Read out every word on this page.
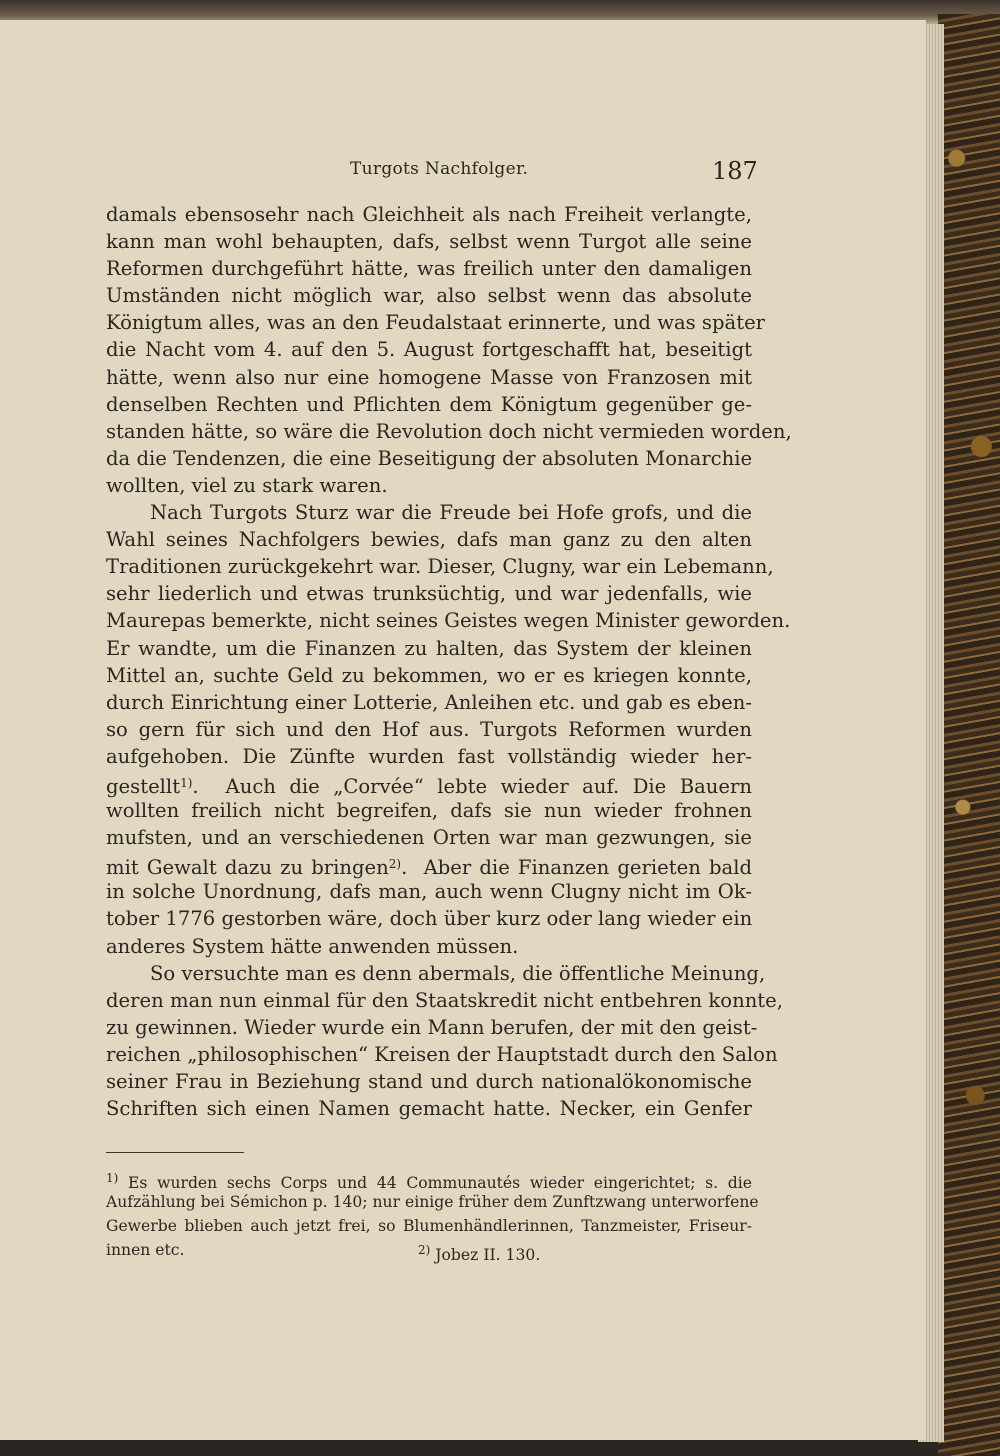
Turgots Nachfolger.	187
damals ebensosehr nach Gleichheit als nach Freiheit verlangte,
kann man wohl behaupten, dafs, selbst wenn Turgot alle seine
Reformen durchgeführt hätte, was freilich unter den damaligen
Umständen nicht möglich war, also selbst wenn das absolute
Königtum alles, was an den Feudalstaat erinnerte, und was später
die Nacht vom 4. auf den 5. August fortgeschafft hat, beseitigt
hätte, wenn also nur eine homogene Masse von Franzosen mit
denselben Rechten und Pflichten dem Königtum gegenüber ge-
standen hätte, so wäre die Revolution doch nicht vermieden worden,
da die Tendenzen, die eine Beseitigung der absoluten Monarchie
wollten, viel zu stark waren.
Nach Turgots Sturz war die Freude bei Hofe grofs, und die
Wahl seines Nachfolgers bewies, dafs man ganz zu den alten
Traditionen zurückgekehrt war. Dieser, Clugny, war ein Lebemann,
sehr liederlich und etwas trunksüchtig, und war jedenfalls, wie
Maurepas bemerkte, nicht seines Geistes wegen Minister geworden.
Er wandte, um die Finanzen zu halten, das System der kleinen
Mittel an, suchte Geld zu bekommen, wo er es kriegen konnte,
durch Einrichtung einer Lotterie, Anleihen etc. und gab es eben-
so gern für sich und den Hof aus. Turgots Reformen wurden
aufgehoben. Die Zünfte wurden fast vollständig wieder her-
gestellt$^{1)}$.  Auch die „Corvée“ lebte wieder auf. Die Bauern
wollten freilich nicht begreifen, dafs sie nun wieder frohnen
mufsten, und an verschiedenen Orten war man gezwungen, sie
mit Gewalt dazu zu bringen$^{2)}$.  Aber die Finanzen gerieten bald
in solche Unordnung, dafs man, auch wenn Clugny nicht im Ok-
tober 1776 gestorben wäre, doch über kurz oder lang wieder ein
anderes System hätte anwenden müssen.
So versuchte man es denn abermals, die öffentliche Meinung,
deren man nun einmal für den Staatskredit nicht entbehren konnte,
zu gewinnen. Wieder wurde ein Mann berufen, der mit den geist-
reichen „philosophischen“ Kreisen der Hauptstadt durch den Salon
seiner Frau in Beziehung stand und durch nationalökonomische
Schriften sich einen Namen gemacht hatte. Necker, ein Genfer
$^{1)}$ Es wurden sechs Corps und 44 Communautés wieder eingerichtet; s. die
Aufzählung bei Sémichon p. 140; nur einige früher dem Zunftzwang unterworfene
Gewerbe blieben auch jetzt frei, so Blumenhändlerinnen, Tanzmeister, Friseur-
innen etc.	$^{2)}$ Jobez II. 130.
